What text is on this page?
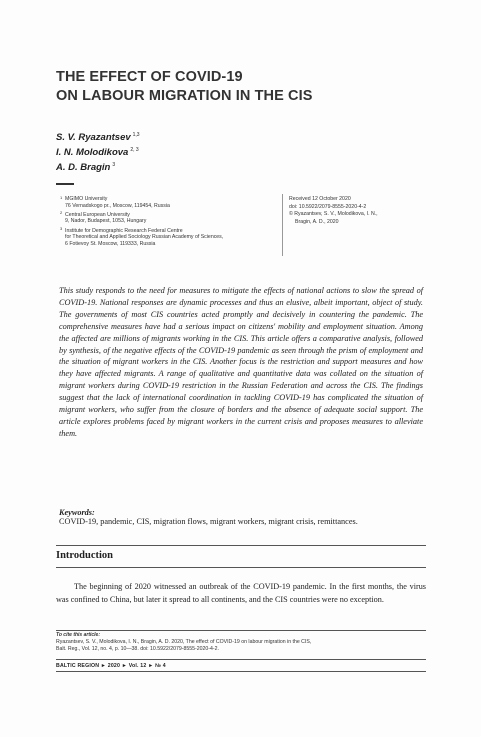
THE EFFECT OF COVID-19
ON LABOUR MIGRATION IN THE CIS
S. V. Ryazantsev $^{1,3}$
I. N. Molodikova $^{2, 3}$
A. D. Bragin $^3$
1 MGIMO University
76 Vernadskogo pr., Moscow, 119454, Russia
2 Central European University
9, Nador, Budapest, 1053, Hungary
3 Institute for Demographic Research Federal Centre
for Theoretical and Applied Sociology Russian Academy of Sciences,
6 Fotievoy St. Moscow, 119333, Russia
Received 12 October 2020
doi: 10.5922/2079-8555-2020-4-2
© Ryazantsev, S. V., Molodikova, I. N.,
Bragin, A. D., 2020
This study responds to the need for measures to mitigate the effects of national actions to slow the spread of COVID-19. National responses are dynamic processes and thus an elusive, albeit important, object of study. The governments of most CIS countries acted promptly and decisively in countering the pandemic. The comprehensive measures have had a serious impact on citizens' mobility and employment situation. Among the affected are millions of migrants working in the CIS. This article offers a comparative analysis, followed by synthesis, of the negative effects of the COVID-19 pandemic as seen through the prism of employment and the situation of migrant workers in the CIS. Another focus is the restriction and support measures and how they have affected migrants. A range of qualitative and quantitative data was collated on the situation of migrant workers during COVID-19 restriction in the Russian Federation and across the CIS. The findings suggest that the lack of international coordination in tackling COVID-19 has complicated the situation of migrant workers, who suffer from the closure of borders and the absence of adequate social support. The article explores problems faced by migrant workers in the current crisis and proposes measures to alleviate them.
Keywords:
COVID-19, pandemic, CIS, migration flows, migrant workers, migrant crisis, remittances.
Introduction
The beginning of 2020 witnessed an outbreak of the COVID-19 pandemic. In the first months, the virus was confined to China, but later it spread to all continents, and the CIS countries were no exception.
To cite this article:
Ryazantsev, S. V., Molodikova, I. N., Bragin, A. D. 2020, The effect of COVID-19 on labour migration in the CIS,
Balt. Reg., Vol. 12, no. 4, p. 10—38. doi: 10.5922/2079-8555-2020-4-2.
BALTIC REGION ► 2020 ► Vol. 12 ► № 4
